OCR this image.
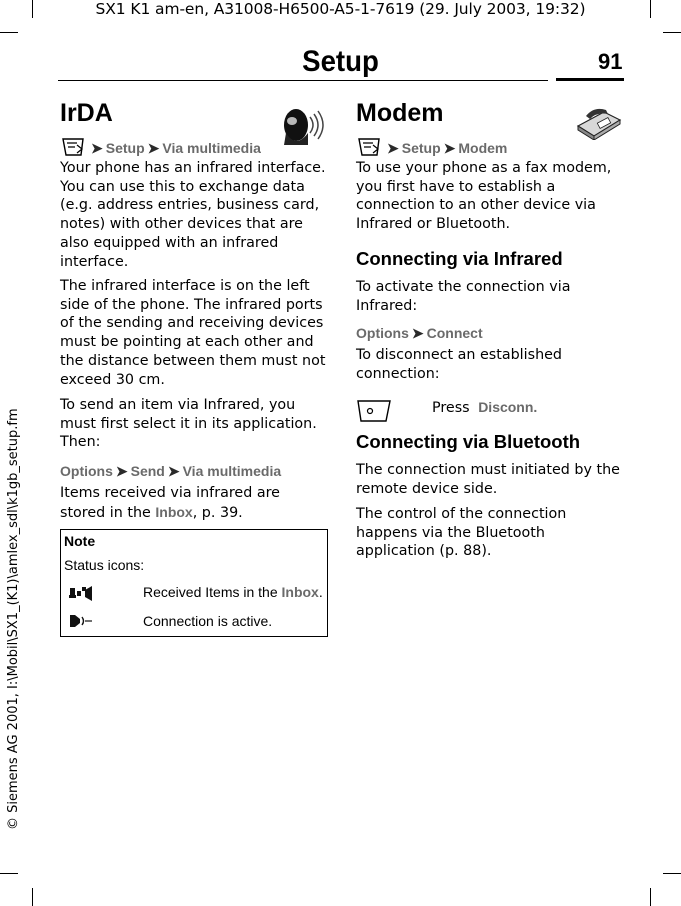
SX1 K1 am-en, A31008-H6500-A5-1-7619 (29. July 2003, 19:32)
Setup	91
© Siemens AG 2001, I:\Mobil\SX1_(K1)\amlex_sdl\k1gb_setup.fm
IrDA
➤ Setup ➤ Via multimedia

Your phone has an infrared interface. You can use this to exchange data (e.g. address entries, business card, notes) with other devices that are also equipped with an infrared interface.

The infrared interface is on the left side of the phone. The infrared ports of the sending and receiving devices must be pointing at each other and the distance between them must not exceed 30 cm.

To send an item via Infrared, you must first select it in its application. Then:

Options ➤ Send ➤ Via multimedia

Items received via infrared are stored in the Inbox, p. 39.

Note
Status icons:
Received Items in the Inbox.
Connection is active.
Modem
➤ Setup ➤ Modem

To use your phone as a fax modem, you first have to establish a connection to an other device via Infrared or Bluetooth.

Connecting via Infrared

To activate the connection via Infrared:

Options ➤ Connect

To disconnect an established connection:

Press Disconn.
Connecting via Bluetooth

The connection must initiated by the remote device side.

The control of the connection happens via the Bluetooth application (p. 88).
